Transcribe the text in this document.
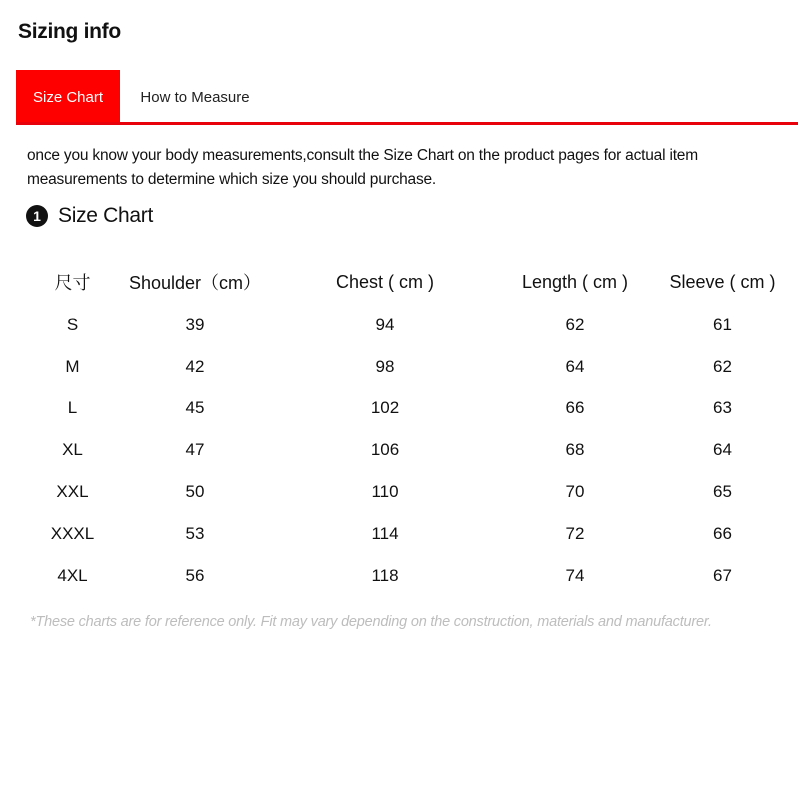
Sizing info
Size Chart	How to Measure
once you know your body measurements,consult the Size Chart on the product pages for actual item measurements to determine which size you should purchase.
1 Size Chart
尺寸	Shoulder（cm）	Chest ( cm )	Length ( cm )	Sleeve ( cm )
S	39	94	62	61
M	42	98	64	62
L	45	102	66	63
XL	47	106	68	64
XXL	50	110	70	65
XXXL	53	114	72	66
4XL	56	118	74	67
*These charts are for reference only. Fit may vary depending on the construction, materials and manufacturer.
